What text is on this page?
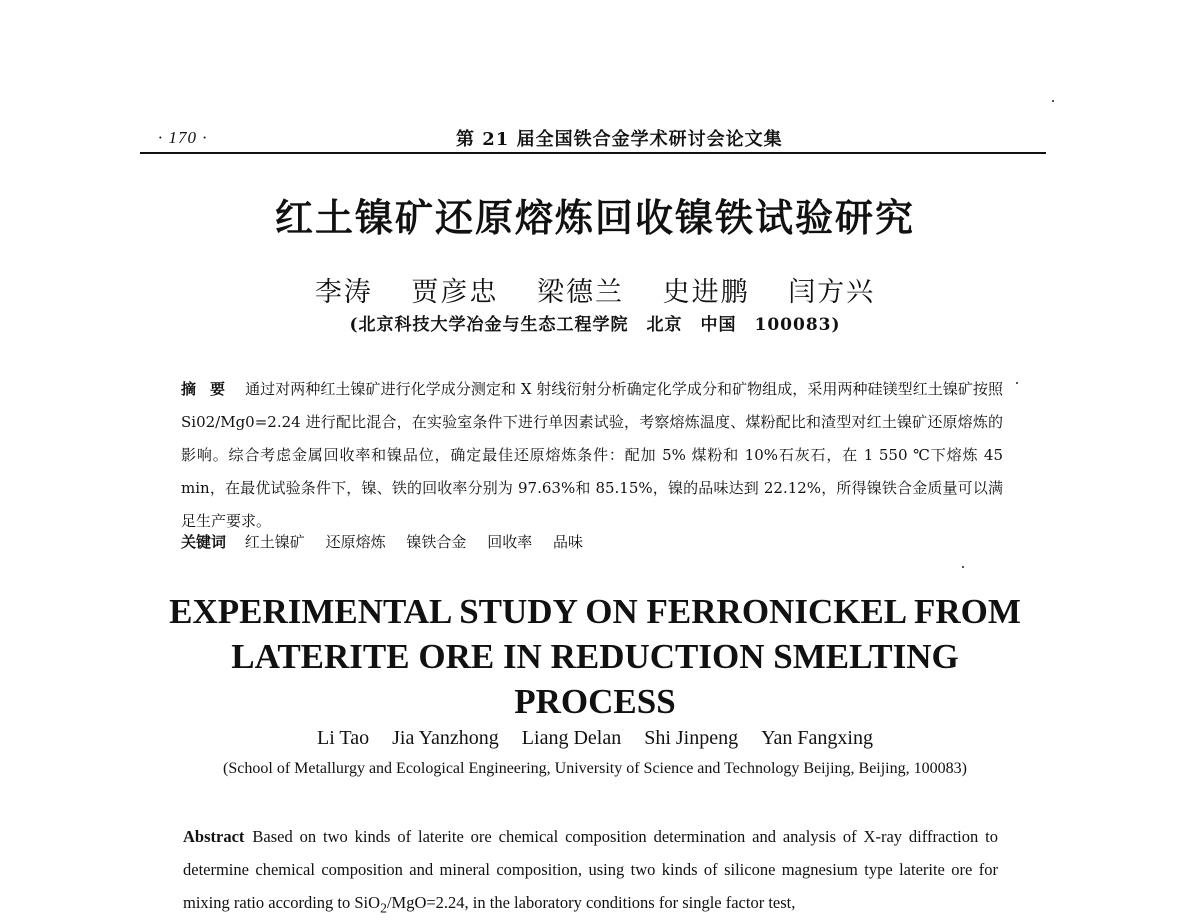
· 170 ·	第 21 届全国铁合金学术研讨会论文集
红土镍矿还原熔炼回收镍铁试验研究
李涛 贾彦忠 梁德兰 史进鹏 闫方兴
(北京科技大学冶金与生态工程学院　北京　中国　100083)
摘要 通过对两种红土镍矿进行化学成分测定和 X 射线衍射分析确定化学成分和矿物组成，采用两种硅镁型红土镍矿按照 Si02/Mg0=2.24 进行配比混合，在实验室条件下进行单因素试验，考察熔炼温度、煤粉配比和渣型对红土镍矿还原熔炼的影响。综合考虑金属回收率和镍品位，确定最佳还原熔炼条件：配加 5% 煤粉和 10%石灰石，在 1 550 ℃下熔炼 45 min，在最优试验条件下，镍、铁的回收率分别为 97.63%和 85.15%，镍的品味达到 22.12%，所得镍铁合金质量可以满足生产要求。
关键词 红土镍矿 还原熔炼 镍铁合金 回收率 品味
EXPERIMENTAL STUDY ON FERRONICKEL FROM
LATERITE ORE IN REDUCTION SMELTING
PROCESS
Li Tao Jia Yanzhong Liang Delan Shi Jinpeng Yan Fangxing
(School of Metallurgy and Ecological Engineering, University of Science and Technology Beijing, Beijing, 100083)
Abstract Based on two kinds of laterite ore chemical composition determination and analysis of X-ray diffraction to determine chemical composition and mineral composition, using two kinds of silicone magnesium type laterite ore for mixing ratio according to SiO$_2$/MgO=2.24, in the laboratory conditions for single factor test,
